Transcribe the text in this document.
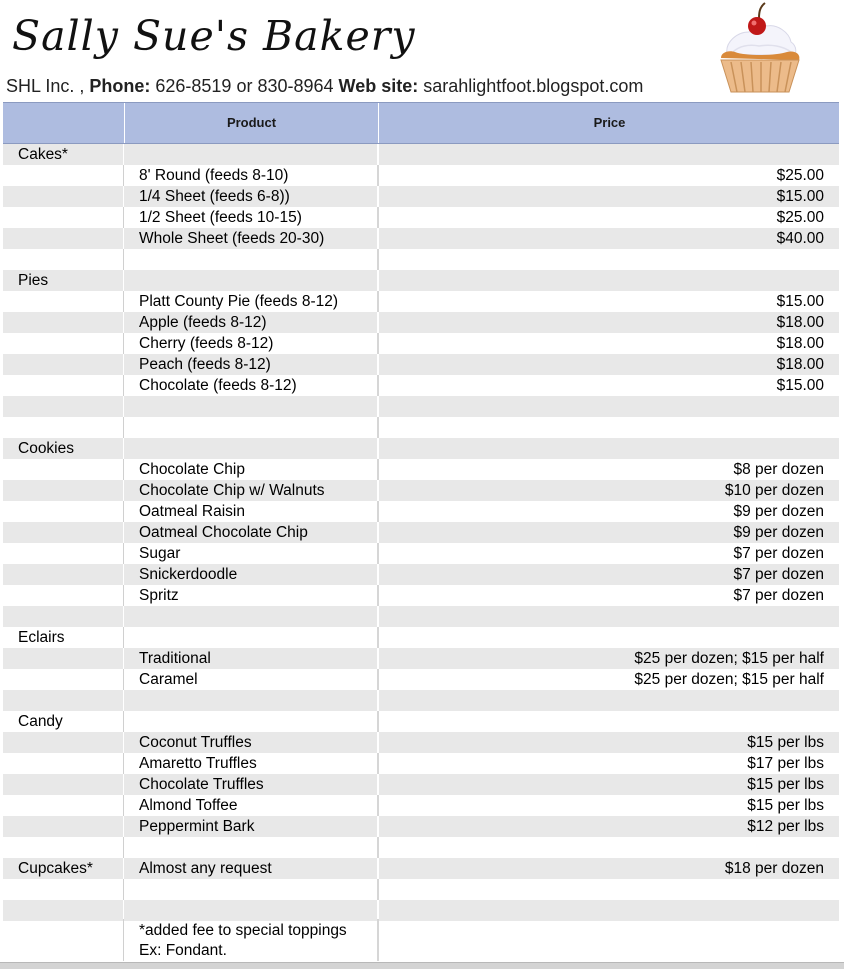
Sally Sue's Bakery
SHL Inc. , Phone: 626-8519 or 830-8964 Web site: sarahlightfoot.blogspot.com
Product	Price
Cakes*
8' Round (feeds 8-10)	$25.00
1/4 Sheet (feeds 6-8))	$15.00
1/2 Sheet (feeds 10-15)	$25.00
Whole Sheet (feeds 20-30)	$40.00
Pies
Platt County Pie (feeds 8-12)	$15.00
Apple (feeds 8-12)	$18.00
Cherry (feeds 8-12)	$18.00
Peach (feeds 8-12)	$18.00
Chocolate (feeds 8-12)	$15.00
Cookies
Chocolate Chip	$8 per dozen
Chocolate Chip w/ Walnuts	$10 per dozen
Oatmeal Raisin	$9 per dozen
Oatmeal Chocolate Chip	$9 per dozen
Sugar	$7 per dozen
Snickerdoodle	$7 per dozen
Spritz	$7 per dozen
Eclairs
Traditional	$25 per dozen; $15 per half
Caramel	$25 per dozen; $15 per half
Candy
Coconut Truffles	$15 per lbs
Amaretto Truffles	$17 per lbs
Chocolate Truffles	$15 per lbs
Almond Toffee	$15 per lbs
Peppermint Bark	$12 per lbs
Cupcakes*	Almost any request	$18 per dozen
*added fee to special toppings
Ex: Fondant.
